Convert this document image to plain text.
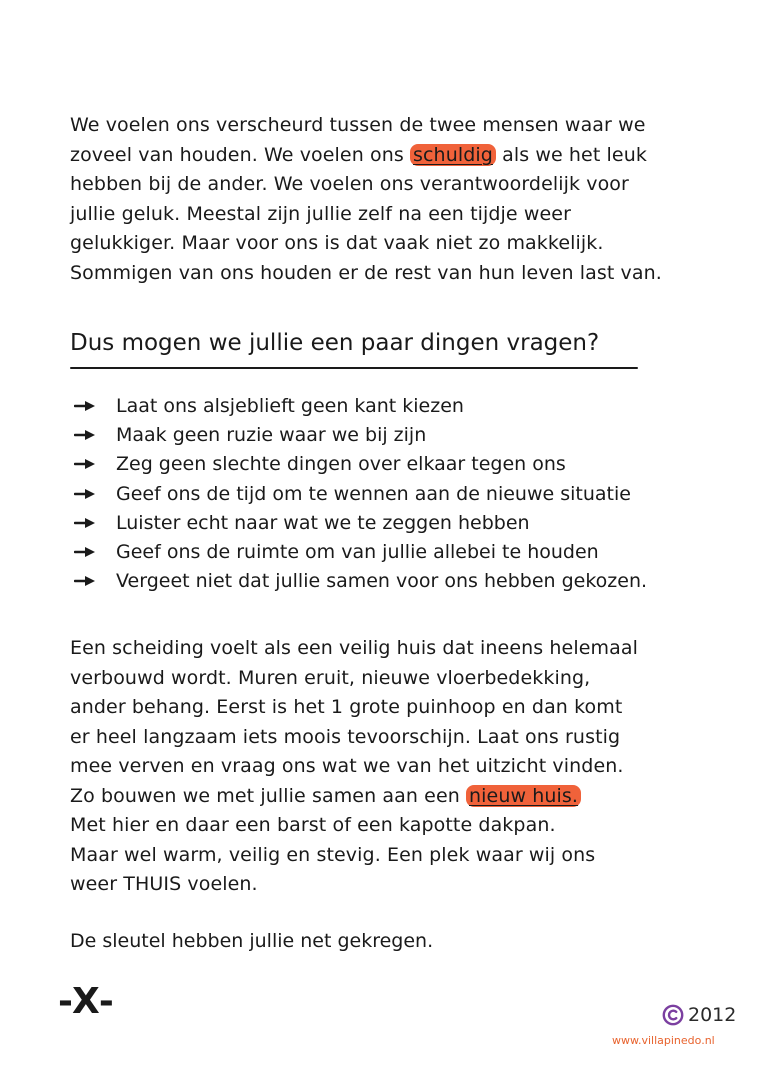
We voelen ons verscheurd tussen de twee mensen waar we
zoveel van houden. We voelen ons schuldig als we het leuk
hebben bij de ander. We voelen ons verantwoordelijk voor
jullie geluk. Meestal zijn jullie zelf na een tijdje weer
gelukkiger. Maar voor ons is dat vaak niet zo makkelijk.
Sommigen van ons houden er de rest van hun leven last van.
Dus mogen we jullie een paar dingen vragen?
Laat ons alsjeblieft geen kant kiezen
Maak geen ruzie waar we bij zijn
Zeg geen slechte dingen over elkaar tegen ons
Geef ons de tijd om te wennen aan de nieuwe situatie
Luister echt naar wat we te zeggen hebben
Geef ons de ruimte om van jullie allebei te houden
Vergeet niet dat jullie samen voor ons hebben gekozen.
Een scheiding voelt als een veilig huis dat ineens helemaal
verbouwd wordt. Muren eruit, nieuwe vloerbedekking,
ander behang. Eerst is het 1 grote puinhoop en dan komt
er heel langzaam iets moois tevoorschijn. Laat ons rustig
mee verven en vraag ons wat we van het uitzicht vinden.
Zo bouwen we met jullie samen aan een nieuw huis.
Met hier en daar een barst of een kapotte dakpan.
Maar wel warm, veilig en stevig. Een plek waar wij ons
weer THUIS voelen.
De sleutel hebben jullie net gekregen.
-X-	2012
www.villapinedo.nl
